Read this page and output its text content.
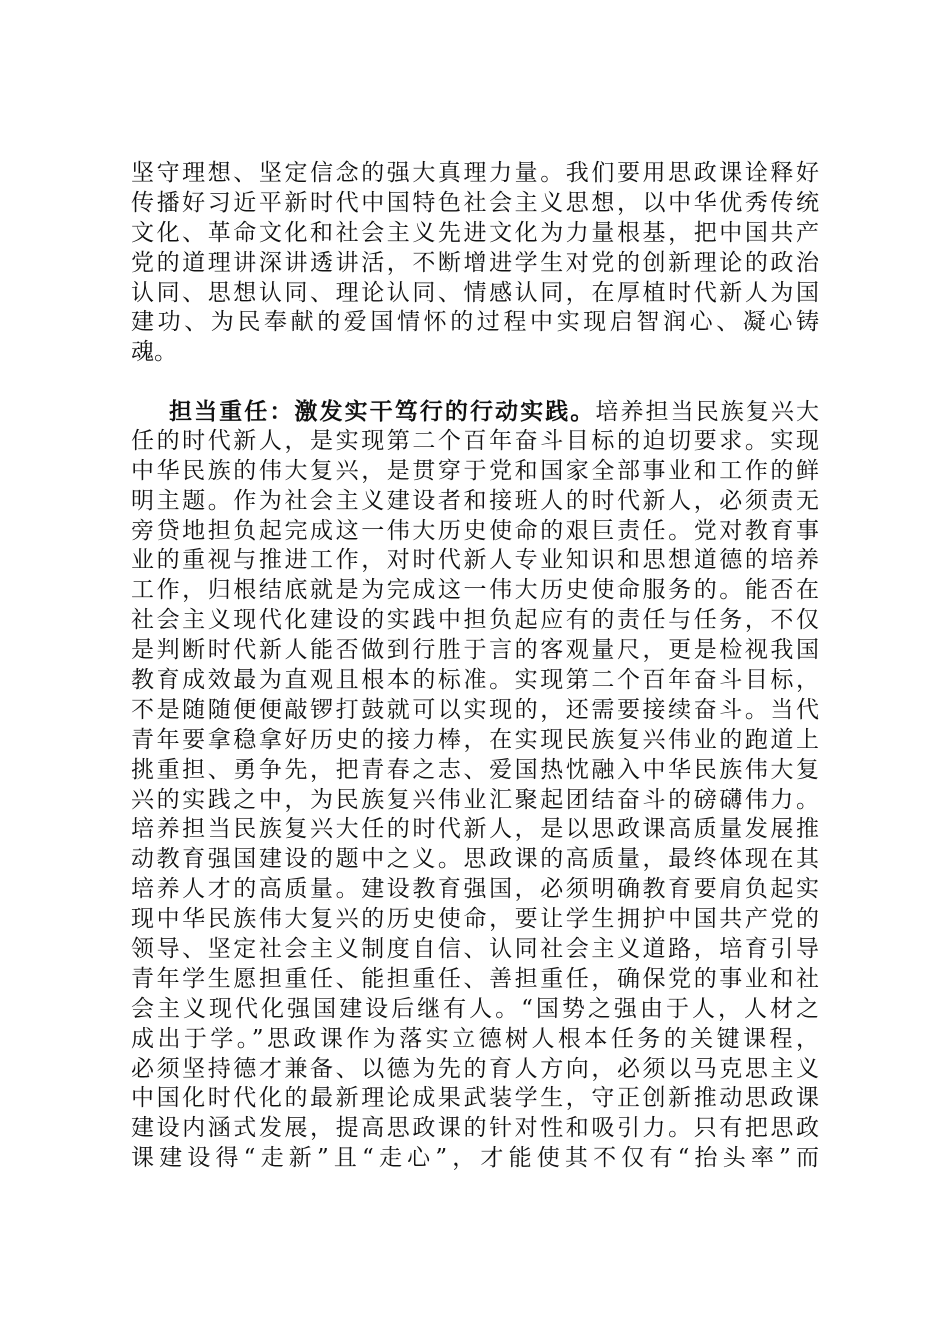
坚守理想、坚定信念的强大真理力量。我们要用思政课诠释好
传播好习近平新时代中国特色社会主义思想，以中华优秀传统
文化、革命文化和社会主义先进文化为力量根基，把中国共产
党的道理讲深讲透讲活，不断增进学生对党的创新理论的政治
认同、思想认同、理论认同、情感认同，在厚植时代新人为国
建功、为民奉献的爱国情怀的过程中实现启智润心、凝心铸
魂。
担当重任：激发实干笃行的行动实践。培养担当民族复兴大
任的时代新人，是实现第二个百年奋斗目标的迫切要求。实现
中华民族的伟大复兴，是贯穿于党和国家全部事业和工作的鲜
明主题。作为社会主义建设者和接班人的时代新人，必须责无
旁贷地担负起完成这一伟大历史使命的艰巨责任。党对教育事
业的重视与推进工作，对时代新人专业知识和思想道德的培养
工作，归根结底就是为完成这一伟大历史使命服务的。能否在
社会主义现代化建设的实践中担负起应有的责任与任务，不仅
是判断时代新人能否做到行胜于言的客观量尺，更是检视我国
教育成效最为直观且根本的标准。实现第二个百年奋斗目标，
不是随随便便敲锣打鼓就可以实现的，还需要接续奋斗。当代
青年要拿稳拿好历史的接力棒，在实现民族复兴伟业的跑道上
挑重担、勇争先，把青春之志、爱国热忱融入中华民族伟大复
兴的实践之中，为民族复兴伟业汇聚起团结奋斗的磅礴伟力。
培养担当民族复兴大任的时代新人，是以思政课高质量发展推
动教育强国建设的题中之义。思政课的高质量，最终体现在其
培养人才的高质量。建设教育强国，必须明确教育要肩负起实
现中华民族伟大复兴的历史使命，要让学生拥护中国共产党的
领导、坚定社会主义制度自信、认同社会主义道路，培育引导
青年学生愿担重任、能担重任、善担重任，确保党的事业和社
会主义现代化强国建设后继有人。“国势之强由于人，人材之
成出于学。”思政课作为落实立德树人根本任务的关键课程，
必须坚持德才兼备、以德为先的育人方向，必须以马克思主义
中国化时代化的最新理论成果武装学生，守正创新推动思政课
建设内涵式发展，提高思政课的针对性和吸引力。只有把思政
课建设得“走新”且“走心”，才能使其不仅有“抬头率”而
